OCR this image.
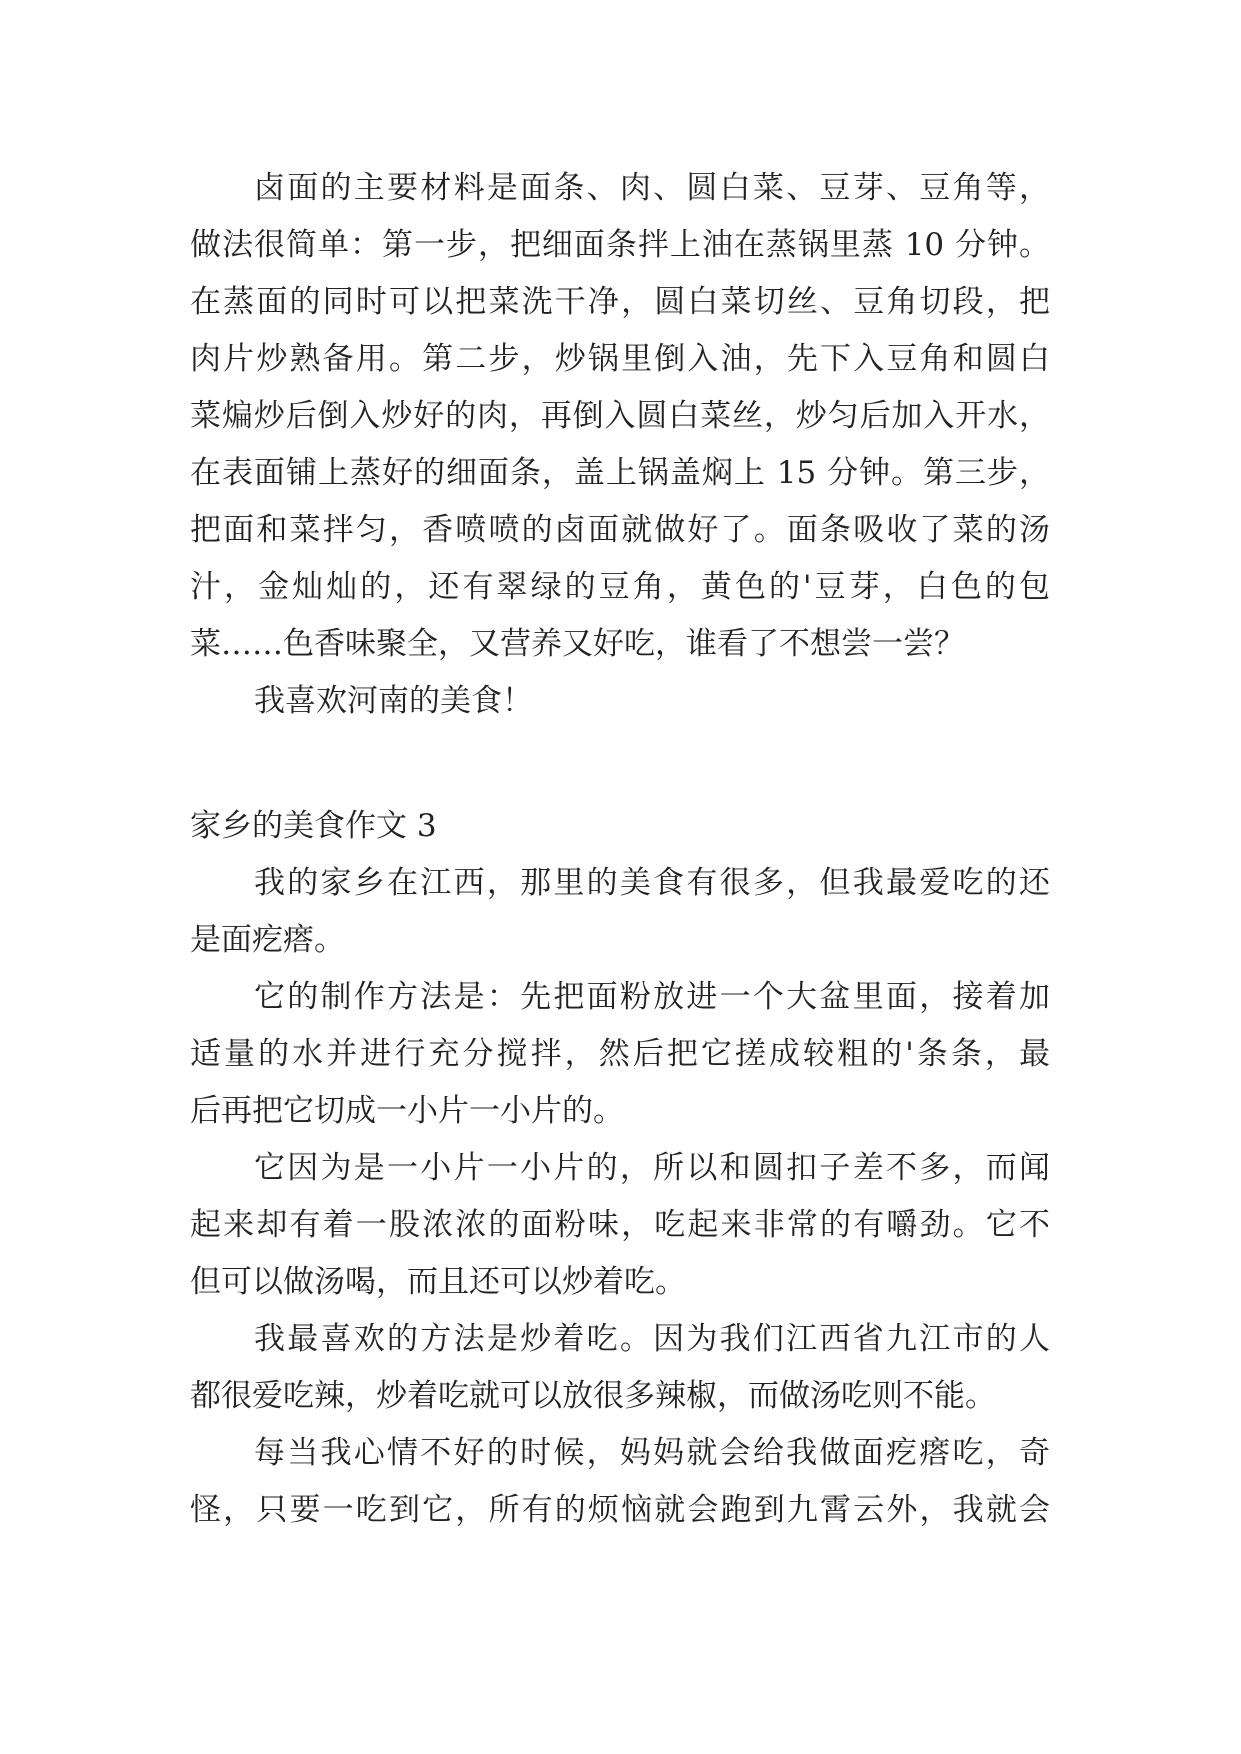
卤面的主要材料是面条、肉、圆白菜、豆芽、豆角等，
做法很简单：第一步，把细面条拌上油在蒸锅里蒸 10 分钟。
在蒸面的同时可以把菜洗干净，圆白菜切丝、豆角切段，把
肉片炒熟备用。第二步，炒锅里倒入油，先下入豆角和圆白
菜煸炒后倒入炒好的肉，再倒入圆白菜丝，炒匀后加入开水，
在表面铺上蒸好的细面条，盖上锅盖焖上 15 分钟。第三步，
把面和菜拌匀，香喷喷的卤面就做好了。面条吸收了菜的汤
汁，金灿灿的，还有翠绿的豆角，黄色的'豆芽，白色的包
菜……色香味聚全，又营养又好吃，谁看了不想尝一尝？
我喜欢河南的美食！
家乡的美食作文 3
我的家乡在江西，那里的美食有很多，但我最爱吃的还
是面疙瘩。
它的制作方法是：先把面粉放进一个大盆里面，接着加
适量的水并进行充分搅拌，然后把它搓成较粗的'条条，最
后再把它切成一小片一小片的。
它因为是一小片一小片的，所以和圆扣子差不多，而闻
起来却有着一股浓浓的面粉味，吃起来非常的有嚼劲。它不
但可以做汤喝，而且还可以炒着吃。
我最喜欢的方法是炒着吃。因为我们江西省九江市的人
都很爱吃辣，炒着吃就可以放很多辣椒，而做汤吃则不能。
每当我心情不好的时候，妈妈就会给我做面疙瘩吃，奇
怪，只要一吃到它，所有的烦恼就会跑到九霄云外，我就会
